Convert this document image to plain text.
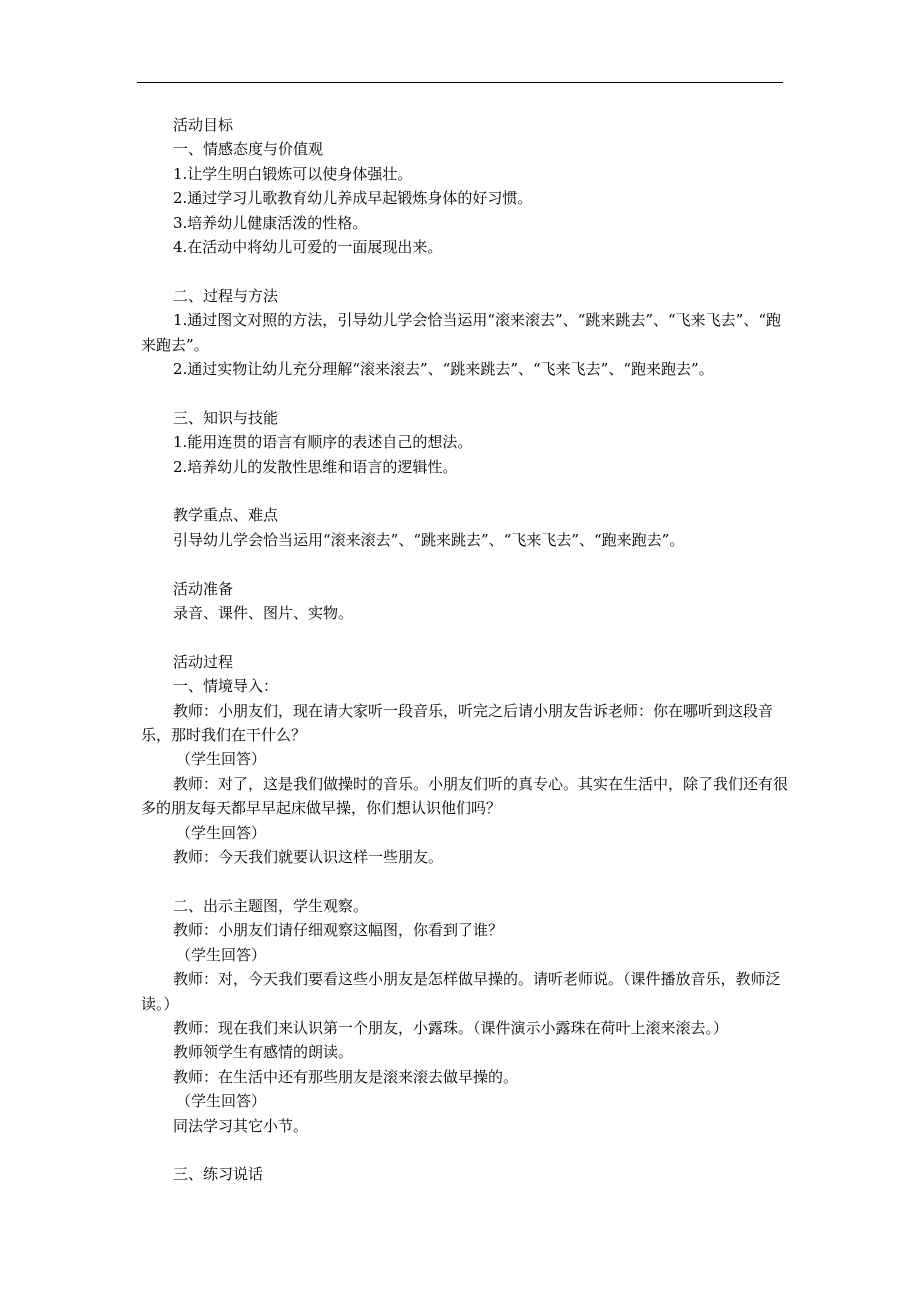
活动目标

一、情感态度与价值观

1.让学生明白锻炼可以使身体强壮。

2.通过学习儿歌教育幼儿养成早起锻炼身体的好习惯。

3.培养幼儿健康活泼的性格。

4.在活动中将幼儿可爱的一面展现出来。

二、过程与方法

1.通过图文对照的方法，引导幼儿学会恰当运用“滚来滚去”、“跳来跳去”、“飞来飞去”、“跑来跑去”。

2.通过实物让幼儿充分理解“滚来滚去”、“跳来跳去”、“飞来飞去”、“跑来跑去”。

三、知识与技能

1.能用连贯的语言有顺序的表述自己的想法。

2.培养幼儿的发散性思维和语言的逻辑性。

教学重点、难点

引导幼儿学会恰当运用“滚来滚去”、“跳来跳去”、“飞来飞去”、“跑来跑去”。

活动准备

录音、课件、图片、实物。

活动过程

一、情境导入：

教师：小朋友们，现在请大家听一段音乐，听完之后请小朋友告诉老师：你在哪听到这段音乐，那时我们在干什么？

（学生回答）

教师：对了，这是我们做操时的音乐。小朋友们听的真专心。其实在生活中，除了我们还有很多的朋友每天都早早起床做早操，你们想认识他们吗？

（学生回答）

教师：今天我们就要认识这样一些朋友。

二、出示主题图，学生观察。

教师：小朋友们请仔细观察这幅图，你看到了谁？

（学生回答）

教师：对，今天我们要看这些小朋友是怎样做早操的。请听老师说。（课件播放音乐，教师泛读。）

教师：现在我们来认识第一个朋友，小露珠。（课件演示小露珠在荷叶上滚来滚去。）

教师领学生有感情的朗读。

教师：在生活中还有那些朋友是滚来滚去做早操的。

（学生回答）

同法学习其它小节。

三、练习说话
